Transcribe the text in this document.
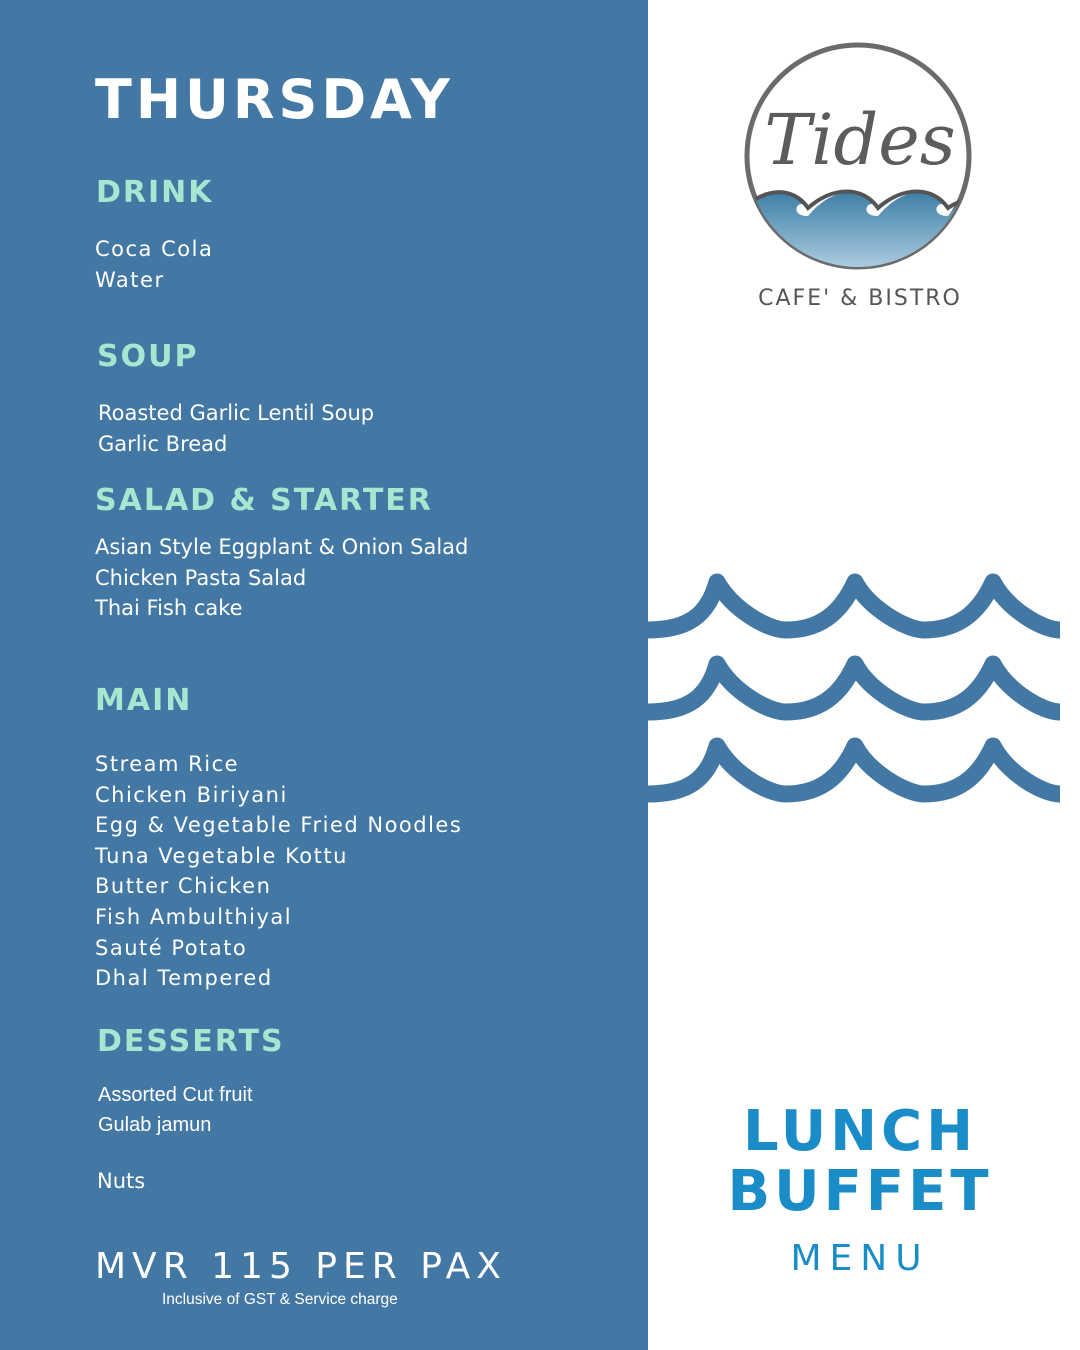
THURSDAY
DRINK
Coca Cola
Water
SOUP
Roasted Garlic Lentil Soup
Garlic Bread
SALAD & STARTER
Asian Style Eggplant & Onion Salad
Chicken Pasta Salad
Thai Fish cake
MAIN
Stream Rice
Chicken Biriyani
Egg & Vegetable Fried Noodles
Tuna Vegetable Kottu
Butter Chicken
Fish Ambulthiyal
Sauté Potato
Dhal Tempered
DESSERTS
Assorted Cut fruit
Gulab jamun

Nuts

MVR 115 PER PAX

Inclusive of GST & Service charge

Tides

CAFE' & BISTRO

LUNCH
BUFFET

MENU
